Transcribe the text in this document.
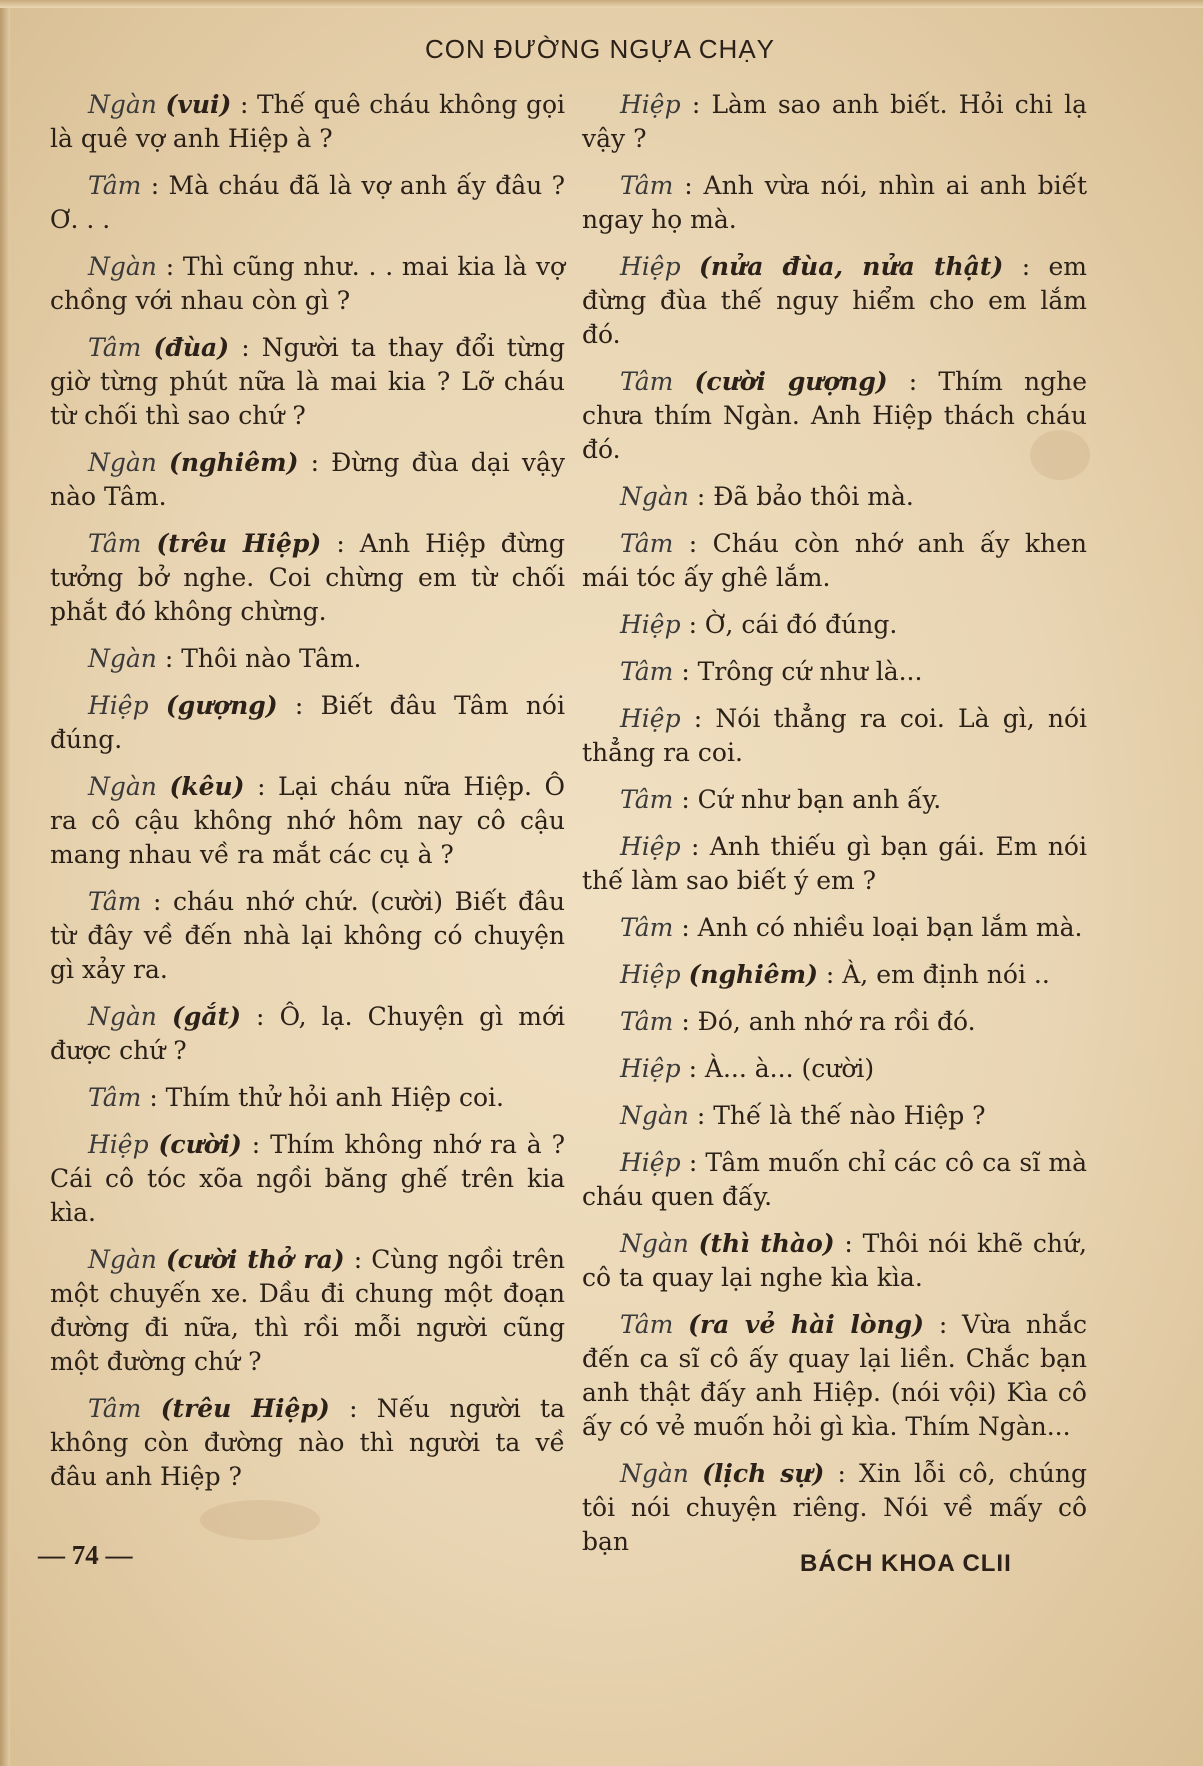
CON ĐƯỜNG NGỰA CHẠY

Ngàn (vui) : Thế quê cháu không gọi là quê vợ anh Hiệp à ?

Tâm : Mà cháu đã là vợ anh ấy đâu ? Ơ. . .

Ngàn : Thì cũng như. . . mai kia là vợ chồng với nhau còn gì ?

Tâm (đùa) : Người ta thay đổi từng giờ từng phút nữa là mai kia ? Lỡ cháu từ chối thì sao chứ ?

Ngàn (nghiêm) : Đừng đùa dại vậy nào Tâm.

Tâm (trêu Hiệp) : Anh Hiệp đừng tưởng bở nghe. Coi chừng em từ chối phắt đó không chừng.

Ngàn : Thôi nào Tâm.

Hiệp (gượng) : Biết đâu Tâm nói đúng.

Ngàn (kêu) : Lại cháu nữa Hiệp. Ô ra cô cậu không nhớ hôm nay cô cậu mang nhau về ra mắt các cụ à ?

Tâm : cháu nhớ chứ. (cười) Biết đâu từ đây về đến nhà lại không có chuyện gì xảy ra.

Ngàn (gắt) : Ô, lạ. Chuyện gì mới được chứ ?

Tâm : Thím thử hỏi anh Hiệp coi.

Hiệp (cười) : Thím không nhớ ra à ? Cái cô tóc xõa ngồi băng ghế trên kia kìa.

Ngàn (cười thở ra) : Cùng ngồi trên một chuyến xe. Dầu đi chung một đoạn đường đi nữa, thì rồi mỗi người cũng một đường chứ ?

Tâm (trêu Hiệp) : Nếu người ta không còn đường nào thì người ta về đâu anh Hiệp ?

Hiệp : Làm sao anh biết. Hỏi chi lạ vậy ?

Tâm : Anh vừa nói, nhìn ai anh biết ngay họ mà.

Hiệp (nửa đùa, nửa thật) : em đừng đùa thế nguy hiểm cho em lắm đó.

Tâm (cười gượng) : Thím nghe chưa thím Ngàn. Anh Hiệp thách cháu đó.

Ngàn : Đã bảo thôi mà.

Tâm : Cháu còn nhớ anh ấy khen mái tóc ấy ghê lắm.

Hiệp : Ờ, cái đó đúng.

Tâm : Trông cứ như là...

Hiệp : Nói thẳng ra coi. Là gì, nói thẳng ra coi.

Tâm : Cứ như bạn anh ấy.

Hiệp : Anh thiếu gì bạn gái. Em nói thế làm sao biết ý em ?

Tâm : Anh có nhiều loại bạn lắm mà.

Hiệp (nghiêm) : À, em định nói ..

Tâm : Đó, anh nhớ ra rồi đó.

Hiệp : À... à... (cười)

Ngàn : Thế là thế nào Hiệp ?

Hiệp : Tâm muốn chỉ các cô ca sĩ mà cháu quen đấy.

Ngàn (thì thào) : Thôi nói khẽ chứ, cô ta quay lại nghe kìa kìa.

Tâm (ra vẻ hài lòng) : Vừa nhắc đến ca sĩ cô ấy quay lại liền. Chắc bạn anh thật đấy anh Hiệp. (nói vội) Kìa cô ấy có vẻ muốn hỏi gì kìa. Thím Ngàn...

Ngàn (lịch sự) : Xin lỗi cô, chúng tôi nói chuyện riêng. Nói về mấy cô bạn

— 74 —	BÁCH KHOA CLII
